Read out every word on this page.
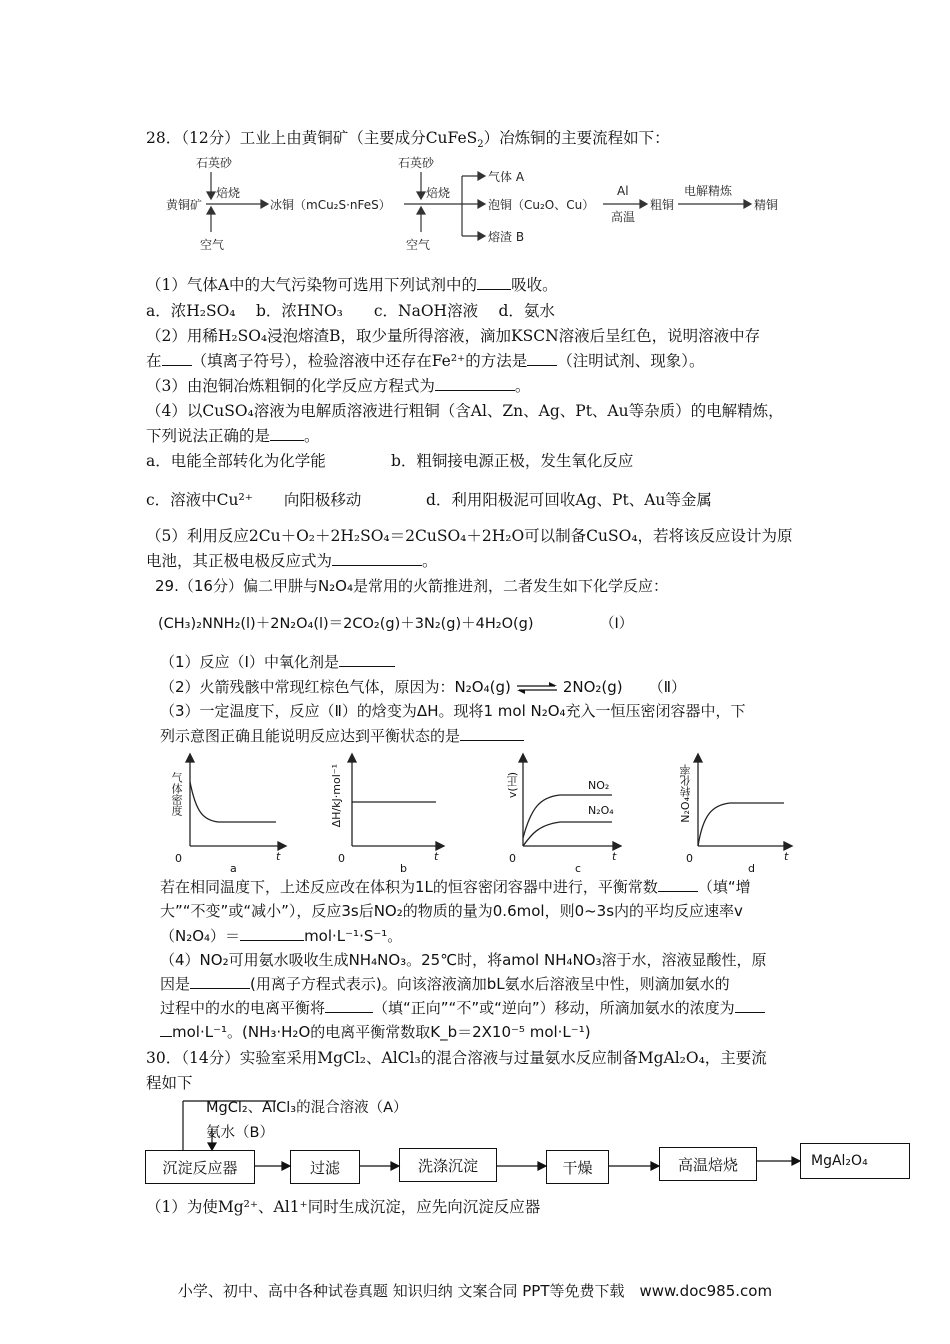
28．（12分）工业上由黄铜矿（主要成分CuFeS$_2$）冶炼铜的主要流程如下：
石英砂
黄铜矿
焙烧
冰铜（mCu₂S·nFeS）
空气
石英砂
焙烧
空气
气体 A
泡铜（Cu₂O、Cu）
熔渣 B
Al
高温
粗铜
电解精炼
精铜
（1）气体A中的大气污染物可选用下列试剂中的 吸收。
a．浓H₂SO₄　 b．浓HNO₃　　c．NaOH溶液　 d．氨水
（2）用稀H₂SO₄浸泡熔渣B，取少量所得溶液，滴加KSCN溶液后呈红色，说明溶液中存
在 （填离子符号），检验溶液中还存在Fe²⁺的方法是 （注明试剂、现象）。
（3）由泡铜冶炼粗铜的化学反应方程式为	。
（4）以CuSO₄溶液为电解质溶液进行粗铜（含Al、Zn、Ag、Pt、Au等杂质）的电解精炼，
下列说法正确的是 。
a．电能全部转化为化学能	b．粗铜接电源正极，发生氧化反应
c．溶液中Cu²⁺　　向阳极移动	d．利用阳极泥可回收Ag、Pt、Au等金属
（5）利用反应2Cu＋O₂＋2H₂SO₄＝2CuSO₄＋2H₂O可以制备CuSO₄，若将该反应设计为原
电池，其正极电极反应式为	。
29.（16分）偏二甲肼与N₂O₄是常用的火箭推进剂，二者发生如下化学反应：
(CH₃)₂NNH₂(l)＋2N₂O₄(l)＝2CO₂(g)＋3N₂(g)＋4H₂O(g)	（Ⅰ）
（1）反应（Ⅰ）中氧化剂是
（2）火箭残骸中常现红棕色气体，原因为：N₂O₄(g) ⇌ 2NO₂(g) （Ⅱ）
（3）一定温度下，反应（Ⅱ）的焓变为ΔH。现将1 mol N₂O₄充入一恒压密闭容器中，下
列示意图正确且能说明反应达到平衡状态的是
气体密度
0	t
a
ΔH/kJ·mol⁻¹
0	t
b
v(正)
0	t
c
NO₂
N₂O₄	N₂O₄转化率
0	t
d
若在相同温度下，上述反应改在体积为1L的恒容密闭容器中进行，平衡常数	（填“增
大”“不变”或“减小”），反应3s后NO₂的物质的量为0.6mol，则0~3s内的平均反应速率v
（N₂O₄）＝	mol·L⁻¹·S⁻¹。
（4）NO₂可用氨水吸收生成NH₄NO₃。25℃时，将amol NH₄NO₃溶于水，溶液显酸性，原
因是	(用离子方程式表示)。向该溶液滴加bL氨水后溶液呈中性，则滴加氨水的
过程中的水的电离平衡将	（填“正向”“不”或“逆向”）移动，所滴加氨水的浓度为
mol·L⁻¹。(NH₃·H₂O的电离平衡常数取K_b＝2X10⁻⁵ mol·L⁻¹)
30．（14分）实验室采用MgCl₂、AlCl₃的混合溶液与过量氨水反应制备MgAl₂O₄，主要流
程如下
MgCl₂、AlCl₃的混合溶液（A）
氨水（B）
沉淀反应器	过滤	洗涤沉淀	干燥	高温焙烧	MgAl₂O₄
（1）为使Mg²⁺、Al1⁺同时生成沉淀，应先向沉淀反应器
小学、初中、高中各种试卷真题 知识归纳 文案合同 PPT等免费下载　www.doc985.com
